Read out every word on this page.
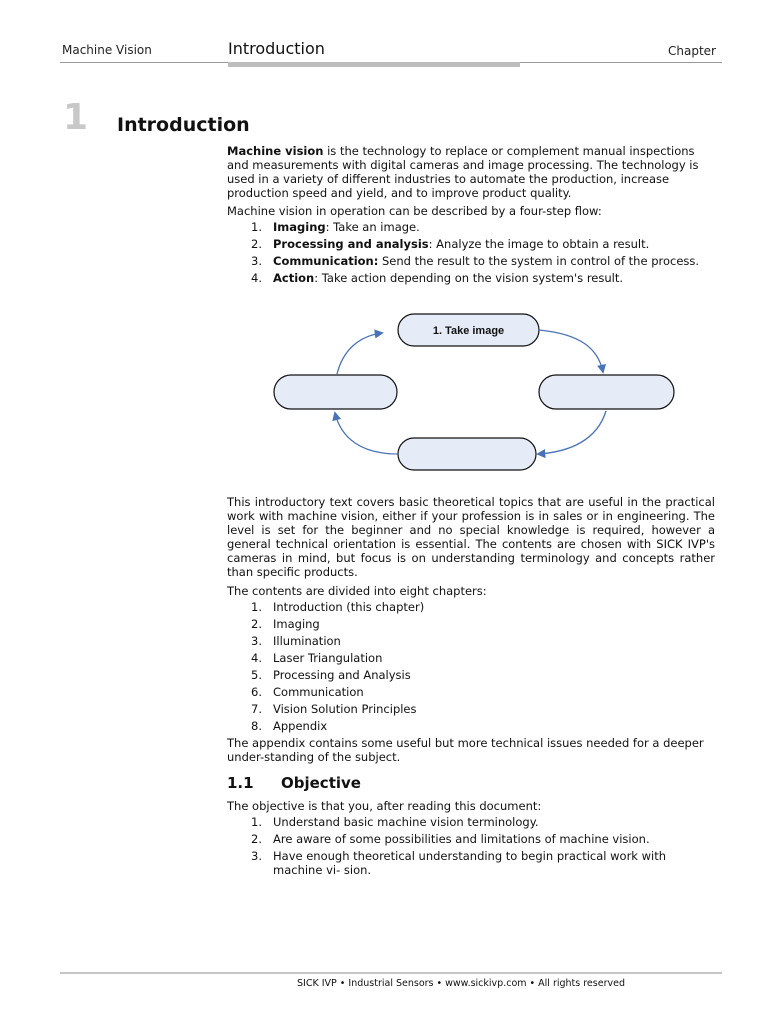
Machine Vision	Introduction	Chapter
1 Introduction

Machine vision is the technology to replace or complement manual inspections and measurements with digital cameras and image processing. The technology is used in a variety of different industries to automate the production, increase production speed and yield, and to improve product quality.

Machine vision in operation can be described by a four-step flow:

1. Imaging: Take an image.
2. Processing and analysis: Analyze the image to obtain a result.
3. Communication: Send the result to the system in control of the process.
4. Action: Take action depending on the vision system's result.
1. Take image

This introductory text covers basic theoretical topics that are useful in the practical work with machine vision, either if your profession is in sales or in engineering. The level is set for the beginner and no special knowledge is required, however a general technical orientation is essential. The contents are chosen with SICK IVP's cameras in mind, but focus is on understanding terminology and concepts rather than specific products.

The contents are divided into eight chapters:

1. Introduction (this chapter)
2. Imaging
3. Illumination
4. Laser Triangulation
5. Processing and Analysis
6. Communication
7. Vision Solution Principles
8. Appendix

The appendix contains some useful but more technical issues needed for a deeper under-standing of the subject.

1.1 Objective

The objective is that you, after reading this document:

1. Understand basic machine vision terminology.
2. Are aware of some possibilities and limitations of machine vision.
3. Have enough theoretical understanding to begin practical work with machine vi- sion.
SICK IVP • Industrial Sensors • www.sickivp.com • All rights reserved
